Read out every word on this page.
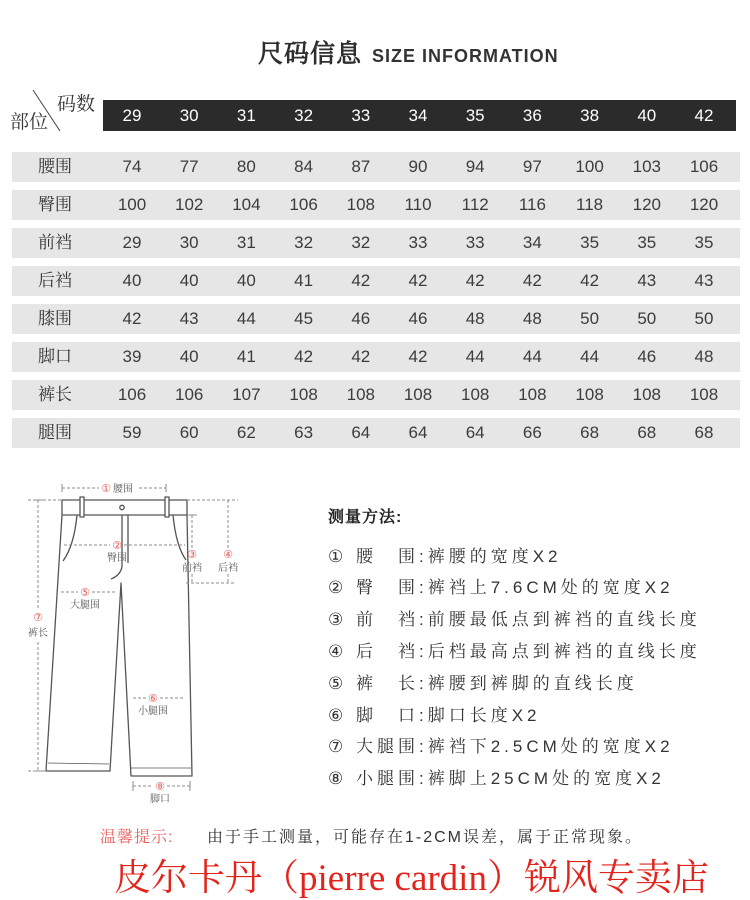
尺码信息 SIZE INFORMATION
码数
部位	29	30	31	32	33	34	35	36	38	40	42
腰围	74	77	80	84	87	90	94	97	100	103	106
臀围	100	102	104	106	108	110	112	116	118	120	120
前裆	29	30	31	32	32	33	33	34	35	35	35
后裆	40	40	40	41	42	42	42	42	42	43	43
膝围	42	43	44	45	46	46	48	48	50	50	50
脚口	39	40	41	42	42	42	44	44	44	46	48
裤长	106	106	107	108	108	108	108	108	108	108	108
腿围	59	60	62	63	64	64	64	66	68	68	68
① 腰围
②
臀围	③
前裆
④
后裆
⑤
大腿围
⑦
裤长
⑥
小腿围
⑧
脚口
测量方法:
① 腰　围:裤腰的宽度X2
② 臀　围:裤裆上7.6CM处的宽度X2
③ 前　裆:前腰最低点到裤裆的直线长度
④ 后　裆:后档最高点到裤裆的直线长度
⑤ 裤　长:裤腰到裤脚的直线长度
⑥ 脚　口:脚口长度X2
⑦ 大腿围:裤裆下2.5CM处的宽度X2
⑧ 小腿围:裤脚上25CM处的宽度X2
温馨提示: 由于手工测量，可能存在1-2CM误差，属于正常现象。
皮尔卡丹（pierre cardin）锐风专卖店
